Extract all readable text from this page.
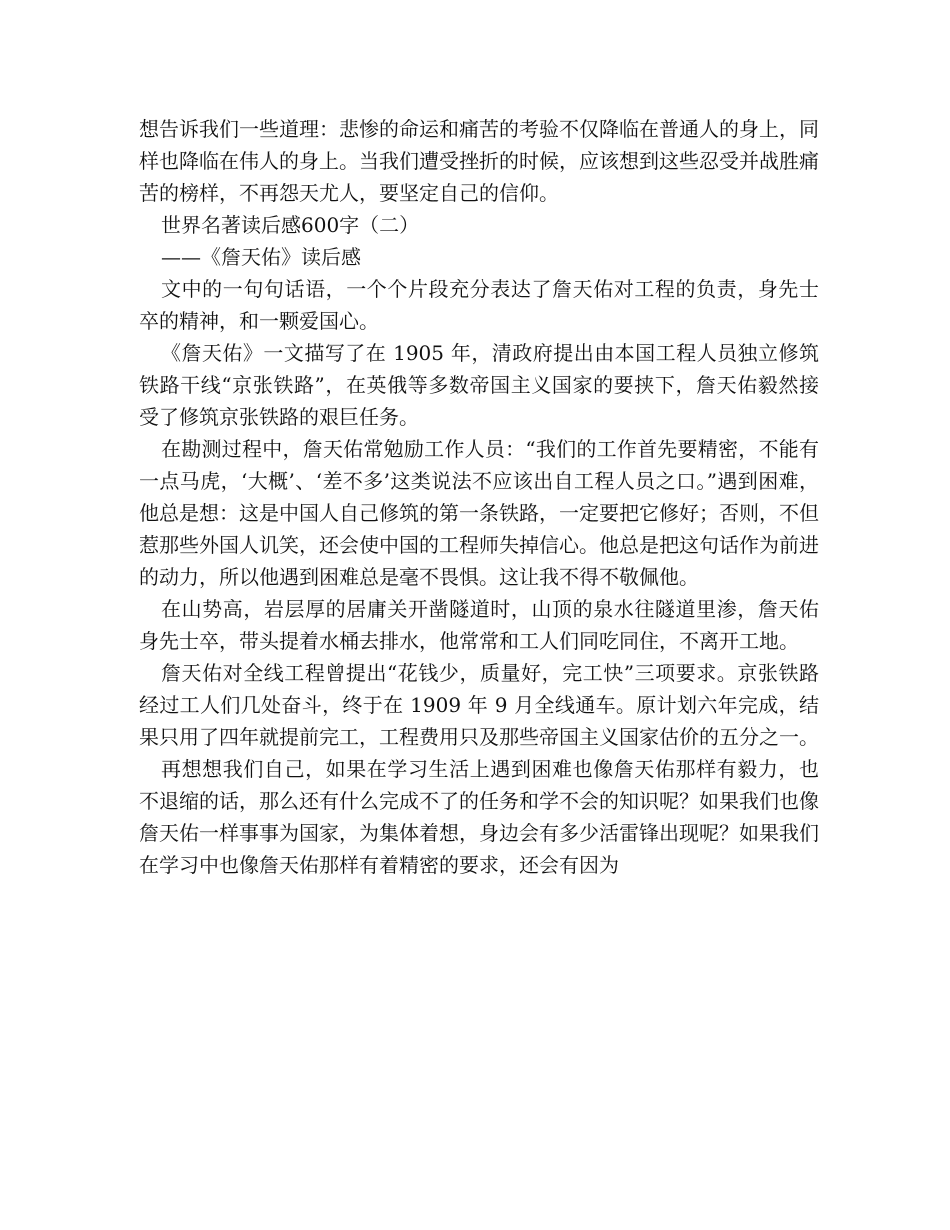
想告诉我们一些道理：悲惨的命运和痛苦的考验不仅降临在普通人的身上，同样也降临在伟人的身上。当我们遭受挫折的时候，应该想到这些忍受并战胜痛苦的榜样，不再怨天尤人，要坚定自己的信仰。

世界名著读后感600字（二）

——《詹天佑》读后感

文中的一句句话语，一个个片段充分表达了詹天佑对工程的负责，身先士卒的精神，和一颗爱国心。

《詹天佑》一文描写了在 1905 年，清政府提出由本国工程人员独立修筑铁路干线“京张铁路”，在英俄等多数帝国主义国家的要挟下，詹天佑毅然接受了修筑京张铁路的艰巨任务。

在勘测过程中，詹天佑常勉励工作人员：“我们的工作首先要精密，不能有一点马虎，‘大概’、‘差不多’这类说法不应该出自工程人员之口。”遇到困难，他总是想：这是中国人自己修筑的第一条铁路，一定要把它修好；否则，不但惹那些外国人讥笑，还会使中国的工程师失掉信心。他总是把这句话作为前进的动力，所以他遇到困难总是毫不畏惧。这让我不得不敬佩他。

在山势高，岩层厚的居庸关开凿隧道时，山顶的泉水往隧道里渗，詹天佑身先士卒，带头提着水桶去排水，他常常和工人们同吃同住，不离开工地。

詹天佑对全线工程曾提出“花钱少，质量好，完工快”三项要求。京张铁路经过工人们几处奋斗，终于在 1909 年 9 月全线通车。原计划六年完成，结果只用了四年就提前完工，工程费用只及那些帝国主义国家估价的五分之一。

再想想我们自己，如果在学习生活上遇到困难也像詹天佑那样有毅力，也不退缩的话，那么还有什么完成不了的任务和学不会的知识呢？如果我们也像詹天佑一样事事为国家，为集体着想，身边会有多少活雷锋出现呢？如果我们在学习中也像詹天佑那样有着精密的要求，还会有因为
